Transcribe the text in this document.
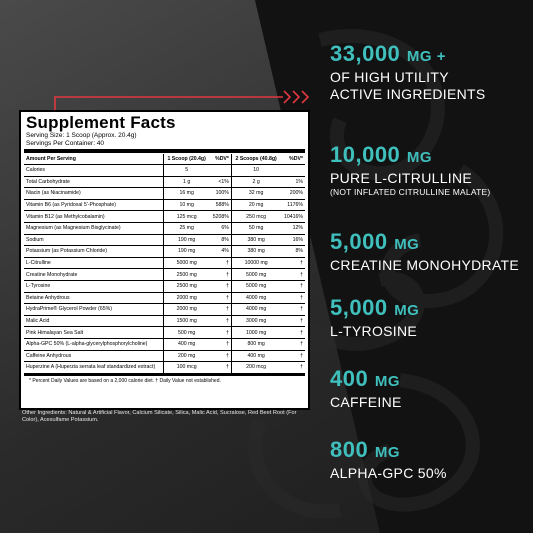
Supplement Facts
Serving Size: 1 Scoop (Approx. 20.4g)
Servings Per Container: 40
Amount Per Serving	1 Scoop (20.4g)	%DV*	2 Scoops (40.8g)	%DV*
Calories	5		10	
Total Carbohydrate	1 g	<1%	2 g	1%
Niacin (as Niacinamide)	16 mg	100%	32 mg	200%
Vitamin B6 (as Pyridoxal 5'-Phosphate)	10 mg	588%	20 mg	1176%
Vitamin B12 (as Methylcobalamin)	125 mcg	5208%	250 mcg	10416%
Magnesium (as Magnesium Bisglycinate)	25 mg	6%	50 mg	12%
Sodium	190 mg	8%	380 mg	16%
Potassium (as Potassium Chloride)	190 mg	4%	380 mg	8%
L-Citrulline	5000 mg	†	10000 mg	†
Creatine Monohydrate	2500 mg	†	5000 mg	†
L-Tyrosine	2500 mg	†	5000 mg	†
Betaine Anhydrous	2000 mg	†	4000 mg	†
HydraPrime® Glycerol Powder (65%)	2000 mg	†	4000 mg	†
Malic Acid	1500 mg	†	3000 mg	†
Pink Himalayan Sea Salt	500 mg	†	1000 mg	†
Alpha-GPC 50% (L-alpha-glycerylphosphorylcholine)	400 mg	†	800 mg	†
Caffeine Anhydrous	200 mg	†	400 mg	†
Huperzine A (Huperzia serrata leaf standardized extract)	100 mcg	†	200 mcg	†
* Percent Daily Values are based on a 2,000 calorie diet. † Daily Value not established.
Other Ingredients: Natural & Artificial Flavor, Calcium Silicate, Silica, Malic Acid, Sucralose, Red Beet Root (For Color), Acesulfame Potassium.
33,000 MG +
OF HIGH UTILITY
ACTIVE INGREDIENTS
10,000 MG
PURE L-CITRULLINE
(NOT INFLATED CITRULLINE MALATE)
5,000 MG
CREATINE MONOHYDRATE
5,000 MG
L-TYROSINE
400 MG
CAFFEINE
800 MG
ALPHA-GPC 50%
